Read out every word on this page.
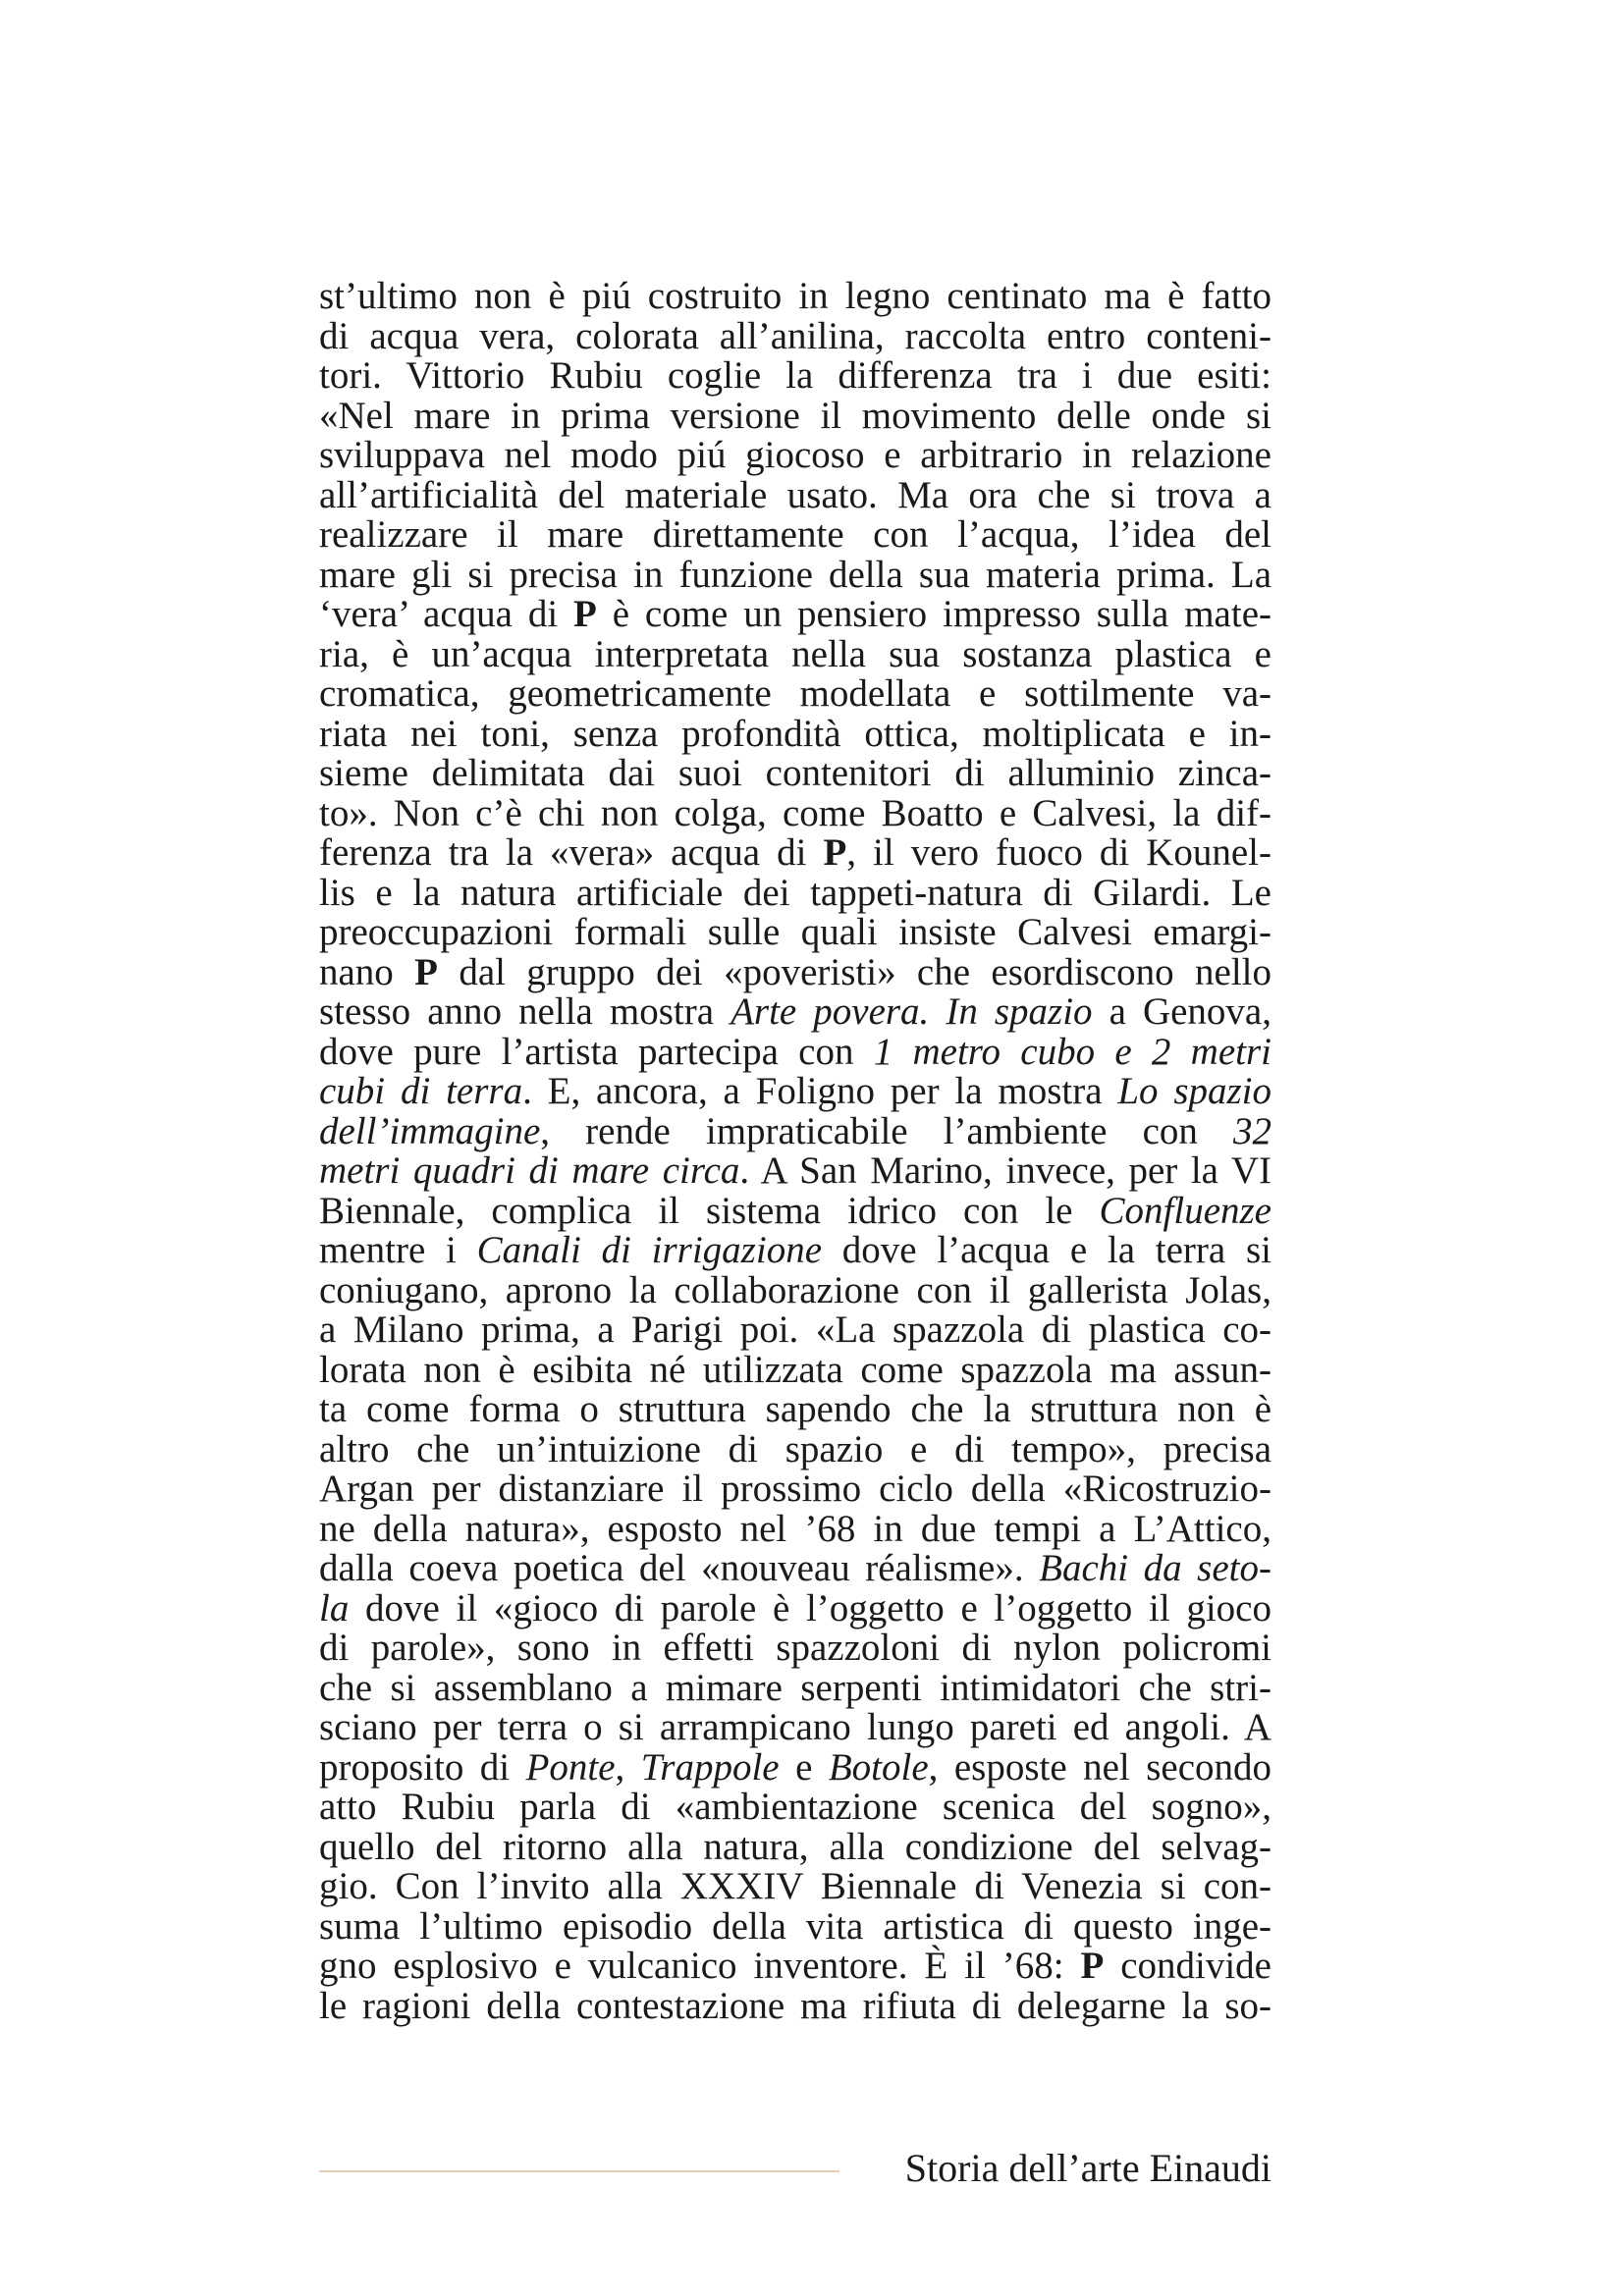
st’ultimo non è piú costruito in legno centinato ma è fatto
di acqua vera, colorata all’anilina, raccolta entro conteni-
tori. Vittorio Rubiu coglie la differenza tra i due esiti:
«Nel mare in prima versione il movimento delle onde si
sviluppava nel modo piú giocoso e arbitrario in relazione
all’artificialità del materiale usato. Ma ora che si trova a
realizzare il mare direttamente con l’acqua, l’idea del
mare gli si precisa in funzione della sua materia prima. La
‘vera’ acqua di P è come un pensiero impresso sulla mate-
ria, è un’acqua interpretata nella sua sostanza plastica e
cromatica, geometricamente modellata e sottilmente va-
riata nei toni, senza profondità ottica, moltiplicata e in-
sieme delimitata dai suoi contenitori di alluminio zinca-
to». Non c’è chi non colga, come Boatto e Calvesi, la dif-
ferenza tra la «vera» acqua di P, il vero fuoco di Kounel-
lis e la natura artificiale dei tappeti-natura di Gilardi. Le
preoccupazioni formali sulle quali insiste Calvesi emargi-
nano P dal gruppo dei «poveristi» che esordiscono nello
stesso anno nella mostra Arte povera. In spazio a Genova,
dove pure l’artista partecipa con 1 metro cubo e 2 metri
cubi di terra. E, ancora, a Foligno per la mostra Lo spazio
dell’immagine, rende impraticabile l’ambiente con 32
metri quadri di mare circa. A San Marino, invece, per la VI
Biennale, complica il sistema idrico con le Confluenze
mentre i Canali di irrigazione dove l’acqua e la terra si
coniugano, aprono la collaborazione con il gallerista Jolas,
a Milano prima, a Parigi poi. «La spazzola di plastica co-
lorata non è esibita né utilizzata come spazzola ma assun-
ta come forma o struttura sapendo che la struttura non è
altro che un’intuizione di spazio e di tempo», precisa
Argan per distanziare il prossimo ciclo della «Ricostruzio-
ne della natura», esposto nel ’68 in due tempi a L’Attico,
dalla coeva poetica del «nouveau réalisme». Bachi da seto-
la dove il «gioco di parole è l’oggetto e l’oggetto il gioco
di parole», sono in effetti spazzoloni di nylon policromi
che si assemblano a mimare serpenti intimidatori che stri-
sciano per terra o si arrampicano lungo pareti ed angoli. A
proposito di Ponte, Trappole e Botole, esposte nel secondo
atto Rubiu parla di «ambientazione scenica del sogno»,
quello del ritorno alla natura, alla condizione del selvag-
gio. Con l’invito alla XXXIV Biennale di Venezia si con-
suma l’ultimo episodio della vita artistica di questo inge-
gno esplosivo e vulcanico inventore. È il ’68: P condivide
le ragioni della contestazione ma rifiuta di delegarne la so-
Storia dell’arte Einaudi
